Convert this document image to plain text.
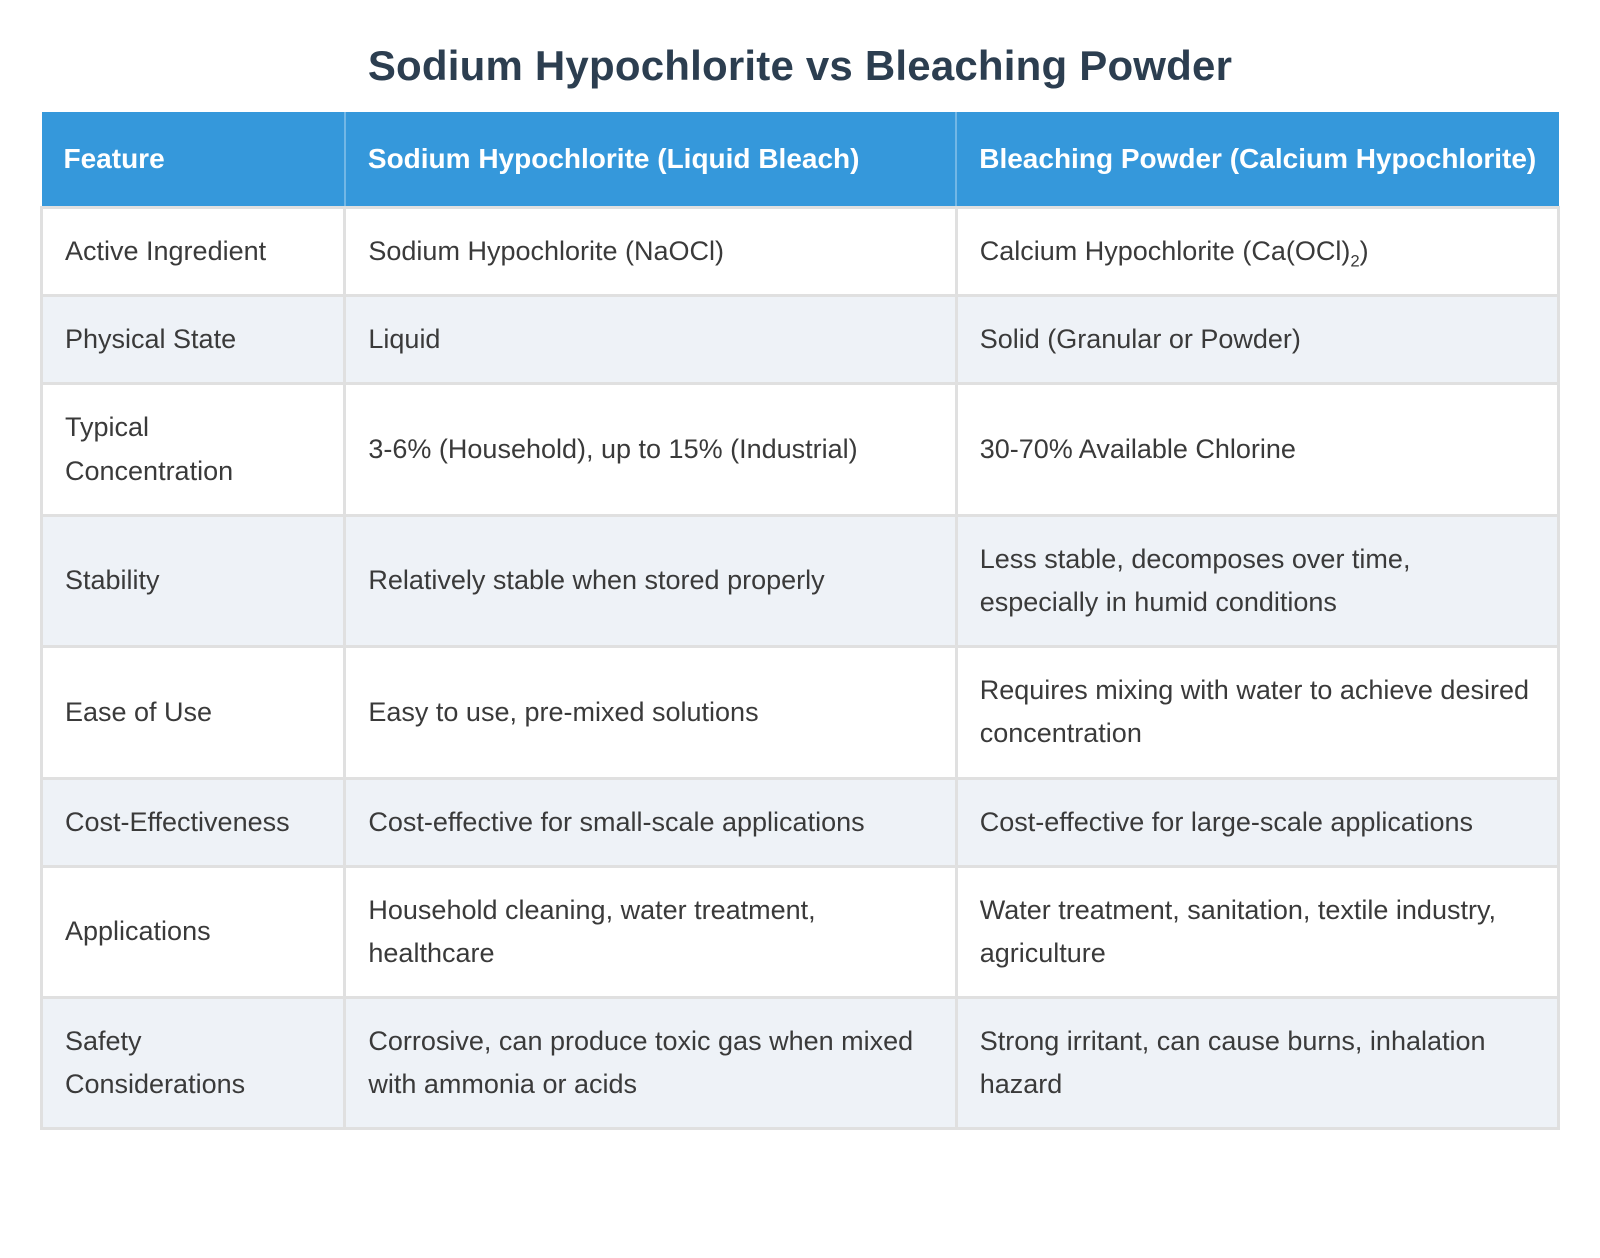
Sodium Hypochlorite vs Bleaching Powder
Feature	Sodium Hypochlorite (Liquid Bleach)	Bleaching Powder (Calcium Hypochlorite)
Active Ingredient	Sodium Hypochlorite (NaOCl)	Calcium Hypochlorite $(Ca(OCl)_2)$
Physical State	Liquid	Solid (Granular or Powder)
Typical Concentration	3-6% (Household), up to 15% (Industrial)	30-70% Available Chlorine
Stability	Relatively stable when stored properly	Less stable, decomposes over time, especially in humid conditions
Ease of Use	Easy to use, pre-mixed solutions	Requires mixing with water to achieve desired concentration
Cost-Effectiveness	Cost-effective for small-scale applications	Cost-effective for large-scale applications
Applications	Household cleaning, water treatment, healthcare	Water treatment, sanitation, textile industry, agriculture
Safety Considerations	Corrosive, can produce toxic gas when mixed with ammonia or acids	Strong irritant, can cause burns, inhalation hazard
